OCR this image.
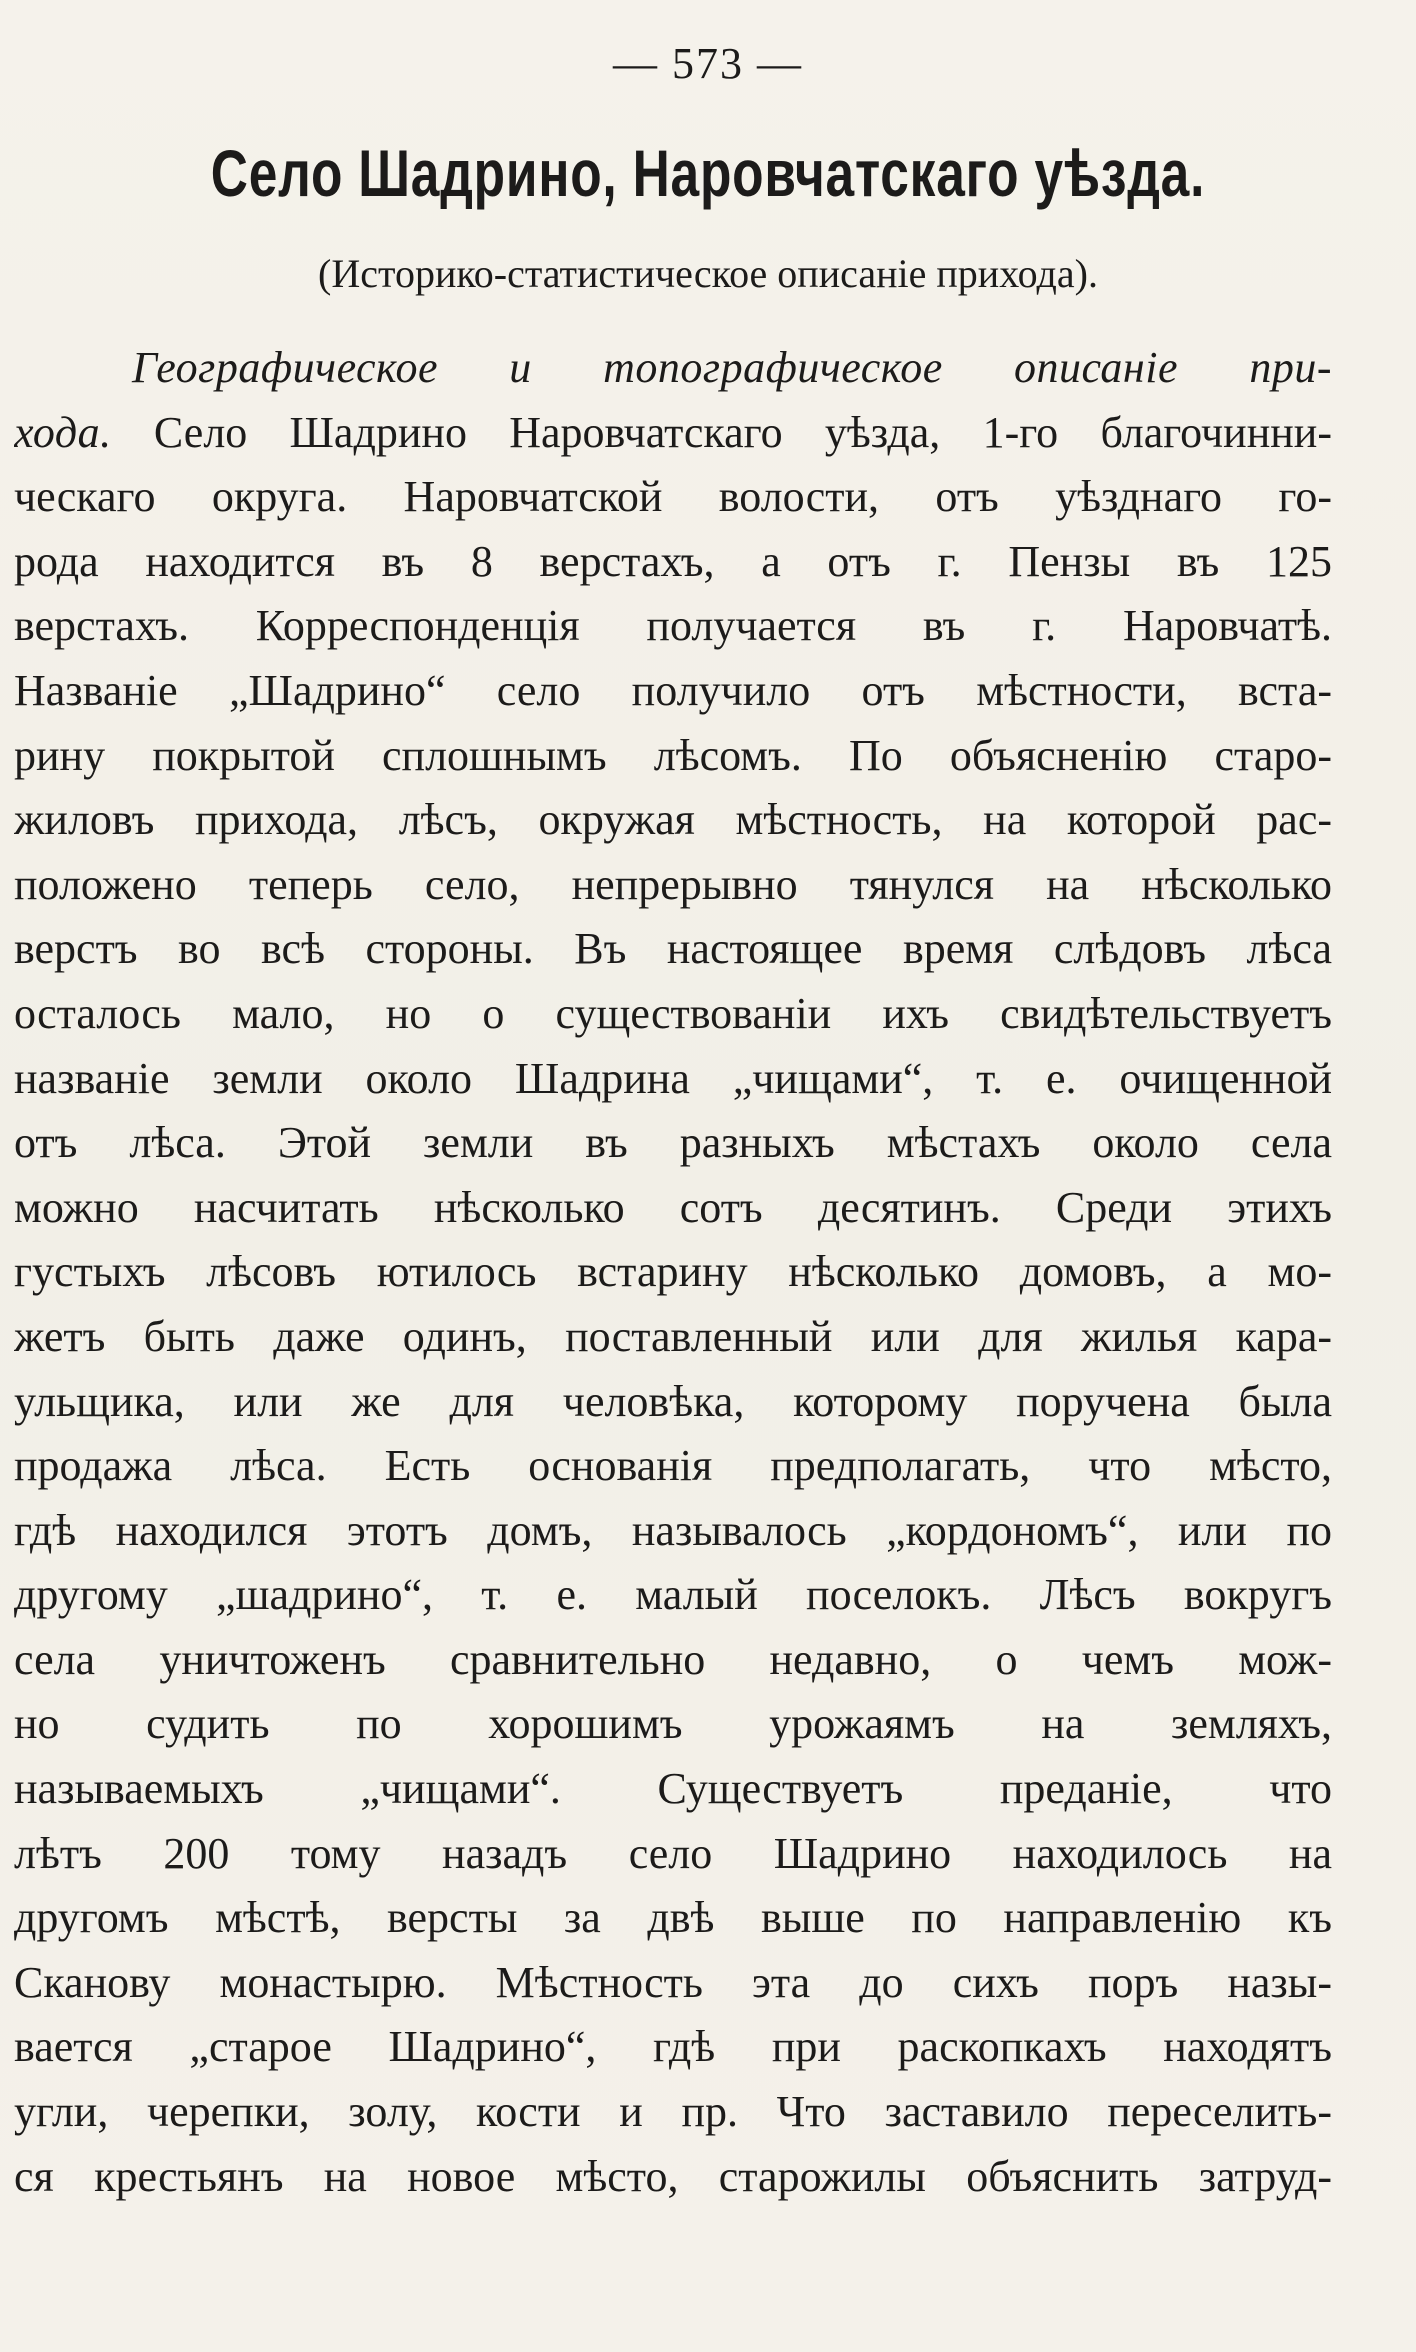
— 573 —
Село Шадрино, Наровчатскаго уѣзда.
(Историко-статистическое описаніе прихода).
Географическое и топографическое описаніе при-
хода. Село Шадрино Наровчатскаго уѣзда, 1-го благочинни-
ческаго округа. Наровчатской волости, отъ уѣзднаго го-
рода находится въ 8 верстахъ, а отъ г. Пензы въ 125
верстахъ. Корреспонденція получается въ г. Наровчатѣ.
Названіе „Шадрино“ село получило отъ мѣстности, вста-
рину покрытой сплошнымъ лѣсомъ. По объясненію старо-
жиловъ прихода, лѣсъ, окружая мѣстность, на которой рас-
положено теперь село, непрерывно тянулся на нѣсколько
верстъ во всѣ стороны. Въ настоящее время слѣдовъ лѣса
осталось мало, но о существованіи ихъ свидѣтельствуетъ
названіе земли около Шадрина „чищами“, т. е. очищенной
отъ лѣса. Этой земли въ разныхъ мѣстахъ около села
можно насчитать нѣсколько сотъ десятинъ. Среди этихъ
густыхъ лѣсовъ ютилось встарину нѣсколько домовъ, а мо-
жетъ быть даже одинъ, поставленный или для жилья кара-
ульщика, или же для человѣка, которому поручена была
продажа лѣса. Есть основанія предполагать, что мѣсто,
гдѣ находился этотъ домъ, называлось „кордономъ“, или по
другому „шадрино“, т. е. малый поселокъ. Лѣсъ вокругъ
села уничтоженъ сравнительно недавно, о чемъ мож-
но судить по хорошимъ урожаямъ на земляхъ,
называемыхъ „чищами“. Существуетъ преданіе, что
лѣтъ 200 тому назадъ село Шадрино находилось на
другомъ мѣстѣ, версты за двѣ выше по направленію къ
Сканову монастырю. Мѣстность эта до сихъ поръ назы-
вается „старое Шадрино“, гдѣ при раскопкахъ находятъ
угли, черепки, золу, кости и пр. Что заставило переселить-
ся крестьянъ на новое мѣсто, старожилы объяснить затруд-
